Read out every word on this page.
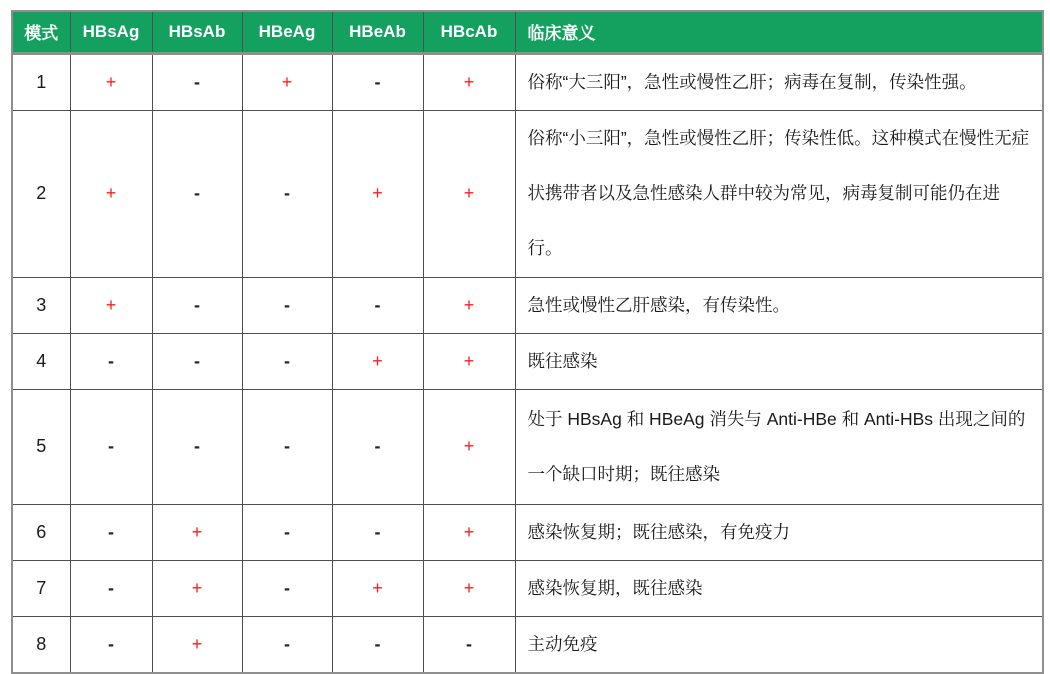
模式	HBsAg	HBsAb	HBeAg	HBeAb	HBcAb	临床意义
1	+	-	+	-	+	俗称“大三阳”，急性或慢性乙肝；病毒在复制，传染性强。
2	+	-	-	+	+	俗称“小三阳”，急性或慢性乙肝；传染性低。这种模式在慢性无症状携带者以及急性感染人群中较为常见，病毒复制可能仍在进行。
3	+	-	-	-	+	急性或慢性乙肝感染，有传染性。
4	-	-	-	+	+	既往感染
5	-	-	-	-	+	处于 HBsAg 和 HBeAg 消失与 Anti-HBe 和 Anti-HBs 出现之间的一个缺口时期；既往感染
6	-	+	-	-	+	感染恢复期；既往感染，有免疫力
7	-	+	-	+	+	感染恢复期，既往感染
8	-	+	-	-	-	主动免疫
